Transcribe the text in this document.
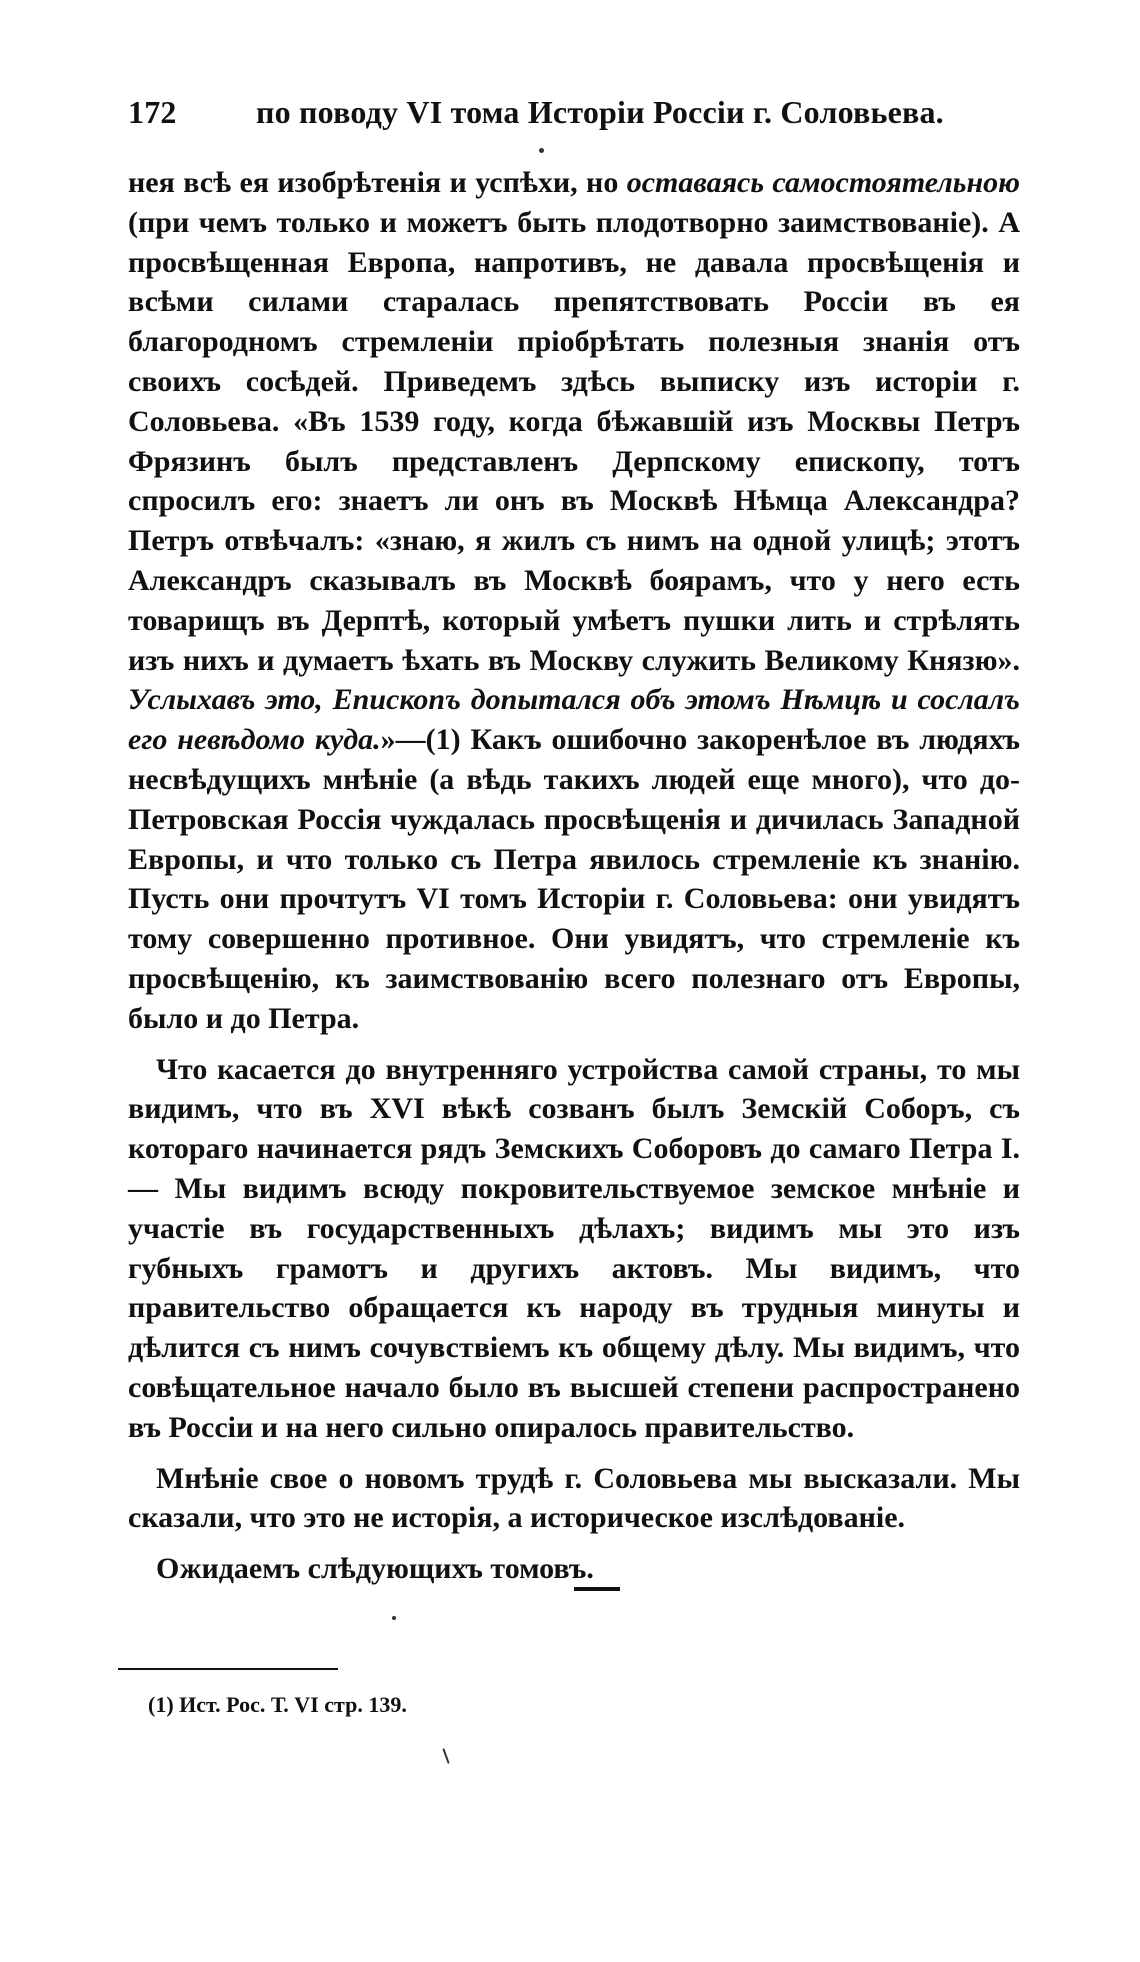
172 по поводу VI тома Исторiи Россiи г. Соловьева.

нея всѣ ея изобрѣтенiя и успѣхи, но оставаясь самостоятельною (при чемъ только и можетъ быть плодотворно заимствованiе). А просвѣщенная Европа, напротивъ, не давала просвѣщенiя и всѣми силами старалась препятствовать Россiи въ ея благородномъ стремленiи прiобрѣтать полезныя знанiя отъ своихъ сосѣдей. Приведемъ здѣсь выписку изъ исторiи г. Соловьева. «Въ 1539 году, когда бѣжавшiй изъ Москвы Петръ Фрязинъ былъ представленъ Дерпскому епископу, тотъ спросилъ его: знаетъ ли онъ въ Москвѣ Нѣмца Александра? Петръ отвѣчалъ: «знаю, я жилъ съ нимъ на одной улицѣ; этотъ Александръ сказывалъ въ Москвѣ боярамъ, что у него есть товарищъ въ Дерптѣ, который умѣетъ пушки лить и стрѣлять изъ нихъ и думаетъ ѣхать въ Москву служить Великому Князю». Услыхавъ это, Епископъ допытался объ этомъ Нѣмцѣ и сослалъ его невѣдомо куда.»—(1) Какъ ошибочно закоренѣлое въ людяхъ несвѣдущихъ мнѣнiе (а вѣдь такихъ людей еще много), что до-Петровская Россiя чуждалась просвѣщенiя и дичилась Западной Европы, и что только съ Петра явилось стремленiе къ знанiю. Пусть они прочтутъ VI томъ Исторiи г. Соловьева: они увидятъ тому совершенно противное. Они увидятъ, что стремленiе къ просвѣщенiю, къ заимствованiю всего полезнаго отъ Европы, было и до Петра.

Что касается до внутренняго устройства самой страны, то мы видимъ, что въ XVI вѣкѣ созванъ былъ Земскiй Соборъ, съ котораго начинается рядъ Земскихъ Соборовъ до самаго Петра I.— Мы видимъ всюду покровительствуемое земское мнѣнiе и участiе въ государственныхъ дѣлахъ; видимъ мы это изъ губныхъ грамотъ и другихъ актовъ. Мы видимъ, что правительство обращается къ народу въ трудныя минуты и дѣлится съ нимъ сочувствiемъ къ общему дѣлу. Мы видимъ, что совѣщательное начало было въ высшей степени распространено въ Россiи и на него сильно опиралось правительство.

Мнѣнiе свое о новомъ трудѣ г. Соловьева мы высказали. Мы сказали, что это не исторiя, а историческое изслѣдованiе.

Ожидаемъ слѣдующихъ томовъ.

(1) Ист. Рос. Т. VI стр. 139.
